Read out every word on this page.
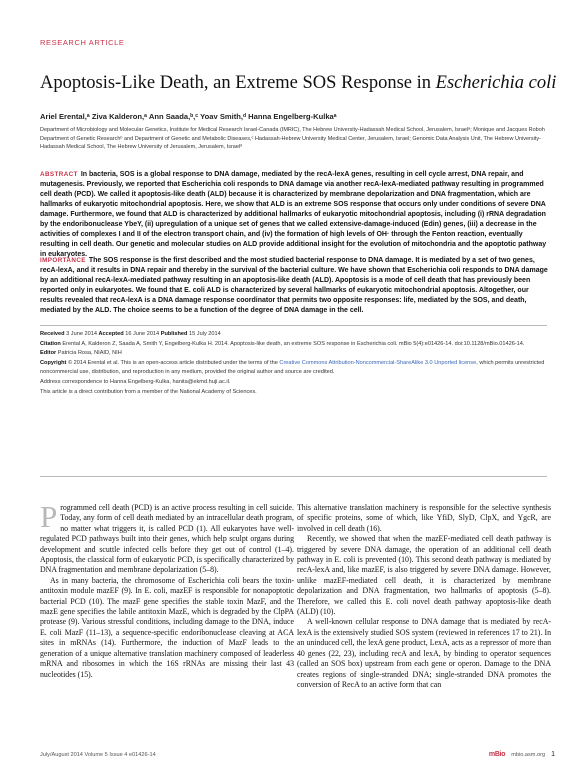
RESEARCH ARTICLE
Apoptosis-Like Death, an Extreme SOS Response in Escherichia coli
Ariel Erental,ᵃ Ziva Kalderon,ᵃ Ann Saada,ᵇ,ᶜ Yoav Smith,ᵈ Hanna Engelberg-Kulkaᵃ
Department of Microbiology and Molecular Genetics, Institute for Medical Research Israel-Canada (IMRIC), The Hebrew University-Hadassah Medical School, Jerusalem, Israelᵃ; Monique and Jacques Roboh Department of Genetic Researchᵇ and Department of Genetic and Metabolic Diseases,ᶜ Hadassah-Hebrew University Medical Center, Jerusalem, Israel; Genomic Data Analysis Unit, The Hebrew University-Hadassah Medical School, The Hebrew University of Jerusalem, Jerusalem, Israelᵈ
ABSTRACT In bacteria, SOS is a global response to DNA damage, mediated by the recA-lexA genes, resulting in cell cycle arrest, DNA repair, and mutagenesis. Previously, we reported that Escherichia coli responds to DNA damage via another recA-lexA-mediated pathway resulting in programmed cell death (PCD). We called it apoptosis-like death (ALD) because it is characterized by membrane depolarization and DNA fragmentation, which are hallmarks of eukaryotic mitochondrial apoptosis. Here, we show that ALD is an extreme SOS response that occurs only under conditions of severe DNA damage. Furthermore, we found that ALD is characterized by additional hallmarks of eukaryotic mitochondrial apoptosis, including (i) rRNA degradation by the endoribonuclease YbeY, (ii) upregulation of a unique set of genes that we called extensive-damage-induced (Edin) genes, (iii) a decrease in the activities of complexes I and II of the electron transport chain, and (iv) the formation of high levels of OH· through the Fenton reaction, eventually resulting in cell death. Our genetic and molecular studies on ALD provide additional insight for the evolution of mitochondria and the apoptotic pathway in eukaryotes.
IMPORTANCE The SOS response is the first described and the most studied bacterial response to DNA damage. It is mediated by a set of two genes, recA-lexA, and it results in DNA repair and thereby in the survival of the bacterial culture. We have shown that Escherichia coli responds to DNA damage by an additional recA-lexA-mediated pathway resulting in an apoptosis-like death (ALD). Apoptosis is a mode of cell death that has previously been reported only in eukaryotes. We found that E. coli ALD is characterized by several hallmarks of eukaryotic mitochondrial apoptosis. Altogether, our results revealed that recA-lexA is a DNA damage response coordinator that permits two opposite responses: life, mediated by the SOS, and death, mediated by the ALD. The choice seems to be a function of the degree of DNA damage in the cell.

Received 3 June 2014 Accepted 16 June 2014 Published 15 July 2014

Citation Erental A, Kalderon Z, Saada A, Smith Y, Engelberg-Kulka H. 2014. Apoptosis-like death, an extreme SOS response in Escherichia coli. mBio 5(4):e01426-14. doi:10.1128/mBio.01426-14.

Editor Patricia Rosa, NIAID, NIH

Copyright © 2014 Erental et al. This is an open-access article distributed under the terms of the Creative Commons Attribution-Noncommercial-ShareAlike 3.0 Unported license, which permits unrestricted noncommercial use, distribution, and reproduction in any medium, provided the original author and source are credited.

Address correspondence to Hanna Engelberg-Kulka, hanita@ekmd.huji.ac.il.

This article is a direct contribution from a member of the National Academy of Sciences.

Programmed cell death (PCD) is an active process resulting in cell suicide. Today, any form of cell death mediated by an intracellular death program, no matter what triggers it, is called PCD (1). All eukaryotes have well-regulated PCD pathways built into their genes, which help sculpt organs during development and scuttle infected cells before they get out of control (1–4). Apoptosis, the classical form of eukaryotic PCD, is specifically characterized by DNA fragmentation and membrane depolarization (5–8).

As in many bacteria, the chromosome of Escherichia coli bears the toxin-antitoxin module mazEF (9). In E. coli, mazEF is responsible for nonapoptotic bacterial PCD (10). The mazF gene specifies the stable toxin MazF, and the mazE gene specifies the labile antitoxin MazE, which is degraded by the ClpPA protease (9). Various stressful conditions, including damage to the DNA, induce E. coli MazF (11–13), a sequence-specific endoribonuclease cleaving at ACA sites in mRNAs (14). Furthermore, the induction of MazF leads to the generation of a unique alternative translation machinery composed of leaderless mRNA and ribosomes in which the 16S rRNAs are missing their last 43 nucleotides (15).

This alternative translation machinery is responsible for the selective synthesis of specific proteins, some of which, like YfiD, SlyD, ClpX, and YgcR, are involved in cell death (16).

Recently, we showed that when the mazEF-mediated cell death pathway is triggered by severe DNA damage, the operation of an additional cell death pathway in E. coli is prevented (10). This second death pathway is mediated by recA-lexA and, like mazEF, is also triggered by severe DNA damage. However, unlike mazEF-mediated cell death, it is characterized by membrane depolarization and DNA fragmentation, two hallmarks of apoptosis (5–8). Therefore, we called this E. coli novel death pathway apoptosis-like death (ALD) (10).

A well-known cellular response to DNA damage that is mediated by recA-lexA is the extensively studied SOS system (reviewed in references 17 to 21). In an uninduced cell, the lexA gene product, LexA, acts as a repressor of more than 40 genes (22, 23), including recA and lexA, by binding to operator sequences (called an SOS box) upstream from each gene or operon. Damage to the DNA creates regions of single-stranded DNA; single-stranded DNA promotes the conversion of RecA to an active form that can

July/August 2014 Volume 5 Issue 4 e01426-14	mBio mbio.asm.org 1
